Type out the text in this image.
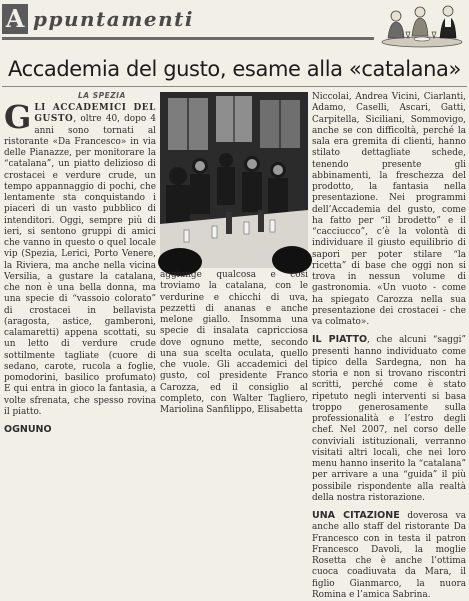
A ppuntamenti
Accademia del gusto, esame alla «catalana»
LA SPEZIA

GLI ACCADEMICI DEL GUSTO, oltre 40, dopo 4 anni sono tornati al ristorante «Da Francesco» in via delle Pianazze, per monitorare la “catalana”, un piatto delizioso di crostacei e verdure crude, un tempo appannaggio di pochi, che lentamente sta conquistando i piaceri di un vasto pubblico di intenditori. Oggi, sempre più di ieri, si sentono gruppi di amici che vanno in questo o quel locale vip (Spezia, Lerici, Porto Venere, la Riviera, ma anche nella vicina Versilia, a gustare la catalana, che non è una bella donna, ma una specie di “vassoio colorato” di crostacei in bellavista (aragosta, astice, gamberoni, calamaretti) appena scottati, su un letto di verdure crude sottilmente tagliate (cuore di sedano, carote, rucola a foglie, pomodorini, basilico profumato) E qui entra in gioco la fantasia, a volte sfrenata, che spesso rovina il piatto.

OGNUNO

aggiunge qualcosa e così troviamo la catalana, con le verdurine e chicchi di uva, pezzetti di ananas e anche melone giallo. Insomma una specie di insalata capricciosa dove ognuno mette, secondo una sua scelta oculata, quello che vuole. Gli accademici del gusto, col presidente Franco Carozza, ed il consiglio al completo, con Walter Tagliero, Mariolina Sanfilippo, Elisabetta

Niccolai, Andrea Vicini, Ciarlanti, Adamo, Caselli, Ascari, Gatti, Carpitella, Siciliani, Sommovigo, anche se con difficoltà, perché la sala era gremita di clienti, hanno stilato dettagliate schede, tenendo presente gli abbinamenti, la freschezza del prodotto, la fantasia nella presentazione. Nei programmi dell’Accademia del gusto, come ha fatto per “il brodetto” e il “cacciucco”, c’è la volontà di individuare il giusto equilibrio di sapori per poter stilare “la ricetta” di base che oggi non si trova in nessun volume di gastronomia. «Un vuoto - come ha spiegato Carozza nella sua presentazione dei crostacei - che va colmato».

IL PIATTO, che alcuni “saggi” presenti hanno individuato come tipico della Sardegna, non ha storia e non si trovano riscontri scritti, perché come è stato ripetuto negli interventi si basa troppo generosamente sulla professionalità e l’estro degli chef. Nel 2007, nel corso delle conviviali istituzionali, verranno visitati altri locali, che nei loro menu hanno inserito la “catalana” per arrivare a una “guida” il più possibile rispondente alla realtà della nostra ristorazione.

UNA CITAZIONE doverosa va anche allo staff del ristorante Da Francesco con in testa il patron Francesco Davoli, la moglie Rosetta che è anche l’ottima cuoca coadiuvata da Mara, il figlio Gianmarco, la nuora Romina e l’amica Sabrina.
